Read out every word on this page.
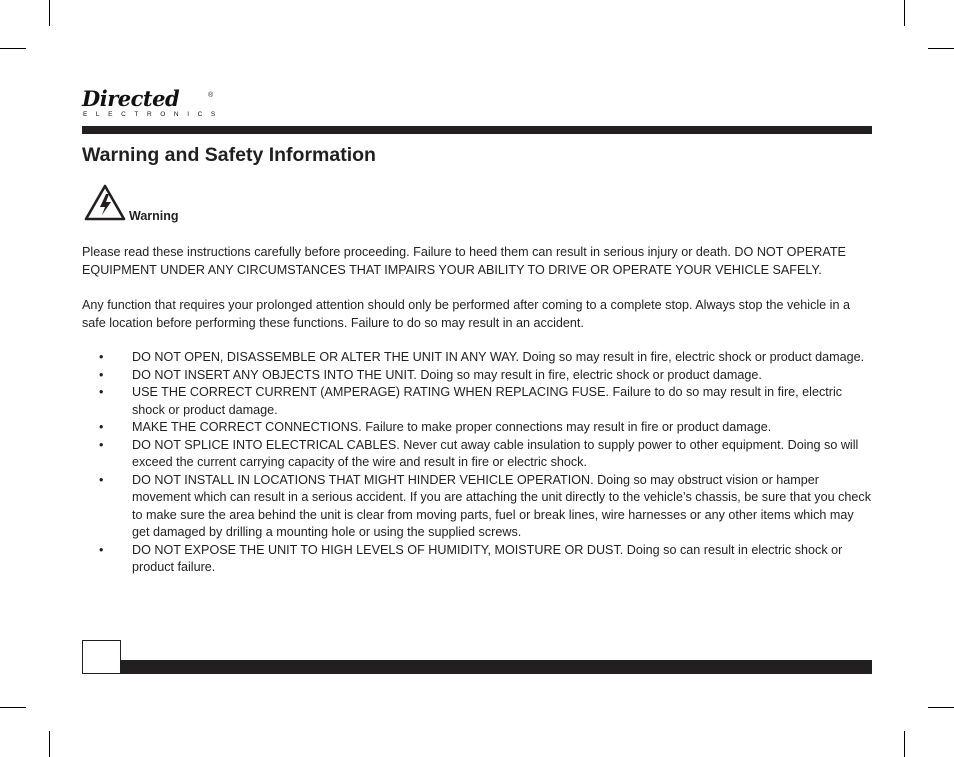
Directed	®
ELECTRONICS
Warning and Safety Information
Warning

Please read these instructions carefully before proceeding. Failure to heed them can result in serious injury or death. DO NOT OPERATE EQUIPMENT UNDER ANY CIRCUMSTANCES THAT IMPAIRS YOUR ABILITY TO DRIVE OR OPERATE YOUR VEHICLE SAFELY.

Any function that requires your prolonged attention should only be performed after coming to a complete stop. Always stop the vehicle in a safe location before performing these functions. Failure to do so may result in an accident.

• DO NOT OPEN, DISASSEMBLE OR ALTER THE UNIT IN ANY WAY. Doing so may result in fire, electric shock or product damage.
• DO NOT INSERT ANY OBJECTS INTO THE UNIT. Doing so may result in fire, electric shock or product damage.
• USE THE CORRECT CURRENT (AMPERAGE) RATING WHEN REPLACING FUSE. Failure to do so may result in fire, electric shock or product damage.
• MAKE THE CORRECT CONNECTIONS. Failure to make proper connections may result in fire or product damage.
• DO NOT SPLICE INTO ELECTRICAL CABLES. Never cut away cable insulation to supply power to other equipment. Doing so will exceed the current carrying capacity of the wire and result in fire or electric shock.
• DO NOT INSTALL IN LOCATIONS THAT MIGHT HINDER VEHICLE OPERATION. Doing so may obstruct vision or hamper movement which can result in a serious accident. If you are attaching the unit directly to the vehicle’s chassis, be sure that you check to make sure the area behind the unit is clear from moving parts, fuel or break lines, wire harnesses or any other items which may get damaged by drilling a mounting hole or using the supplied screws.
• DO NOT EXPOSE THE UNIT TO HIGH LEVELS OF HUMIDITY, MOISTURE OR DUST. Doing so can result in electric shock or product failure.
